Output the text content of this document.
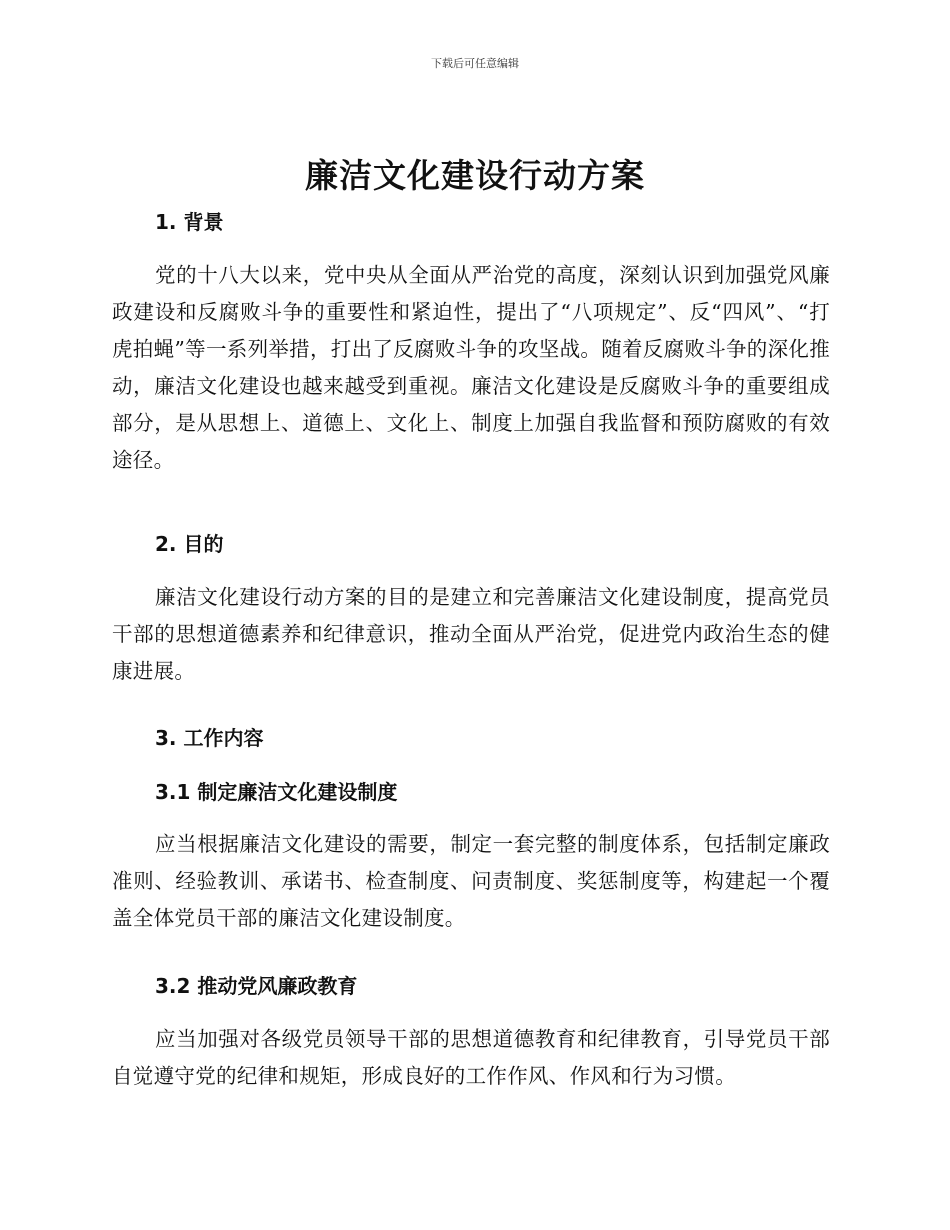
下载后可任意编辑
廉洁文化建设行动方案
1. 背景

党的十八大以来，党中央从全面从严治党的高度，深刻认识到加强党风廉政建设和反腐败斗争的重要性和紧迫性，提出了“八项规定”、反“四风”、“打虎拍蝇”等一系列举措，打出了反腐败斗争的攻坚战。随着反腐败斗争的深化推动，廉洁文化建设也越来越受到重视。廉洁文化建设是反腐败斗争的重要组成部分，是从思想上、道德上、文化上、制度上加强自我监督和预防腐败的有效途径。

2. 目的

廉洁文化建设行动方案的目的是建立和完善廉洁文化建设制度，提高党员干部的思想道德素养和纪律意识，推动全面从严治党，促进党内政治生态的健康进展。

3. 工作内容
3.1 制定廉洁文化建设制度

应当根据廉洁文化建设的需要，制定一套完整的制度体系，包括制定廉政准则、经验教训、承诺书、检查制度、问责制度、奖惩制度等，构建起一个覆盖全体党员干部的廉洁文化建设制度。

3.2 推动党风廉政教育

应当加强对各级党员领导干部的思想道德教育和纪律教育，引导党员干部自觉遵守党的纪律和规矩，形成良好的工作作风、作风和行为习惯。
